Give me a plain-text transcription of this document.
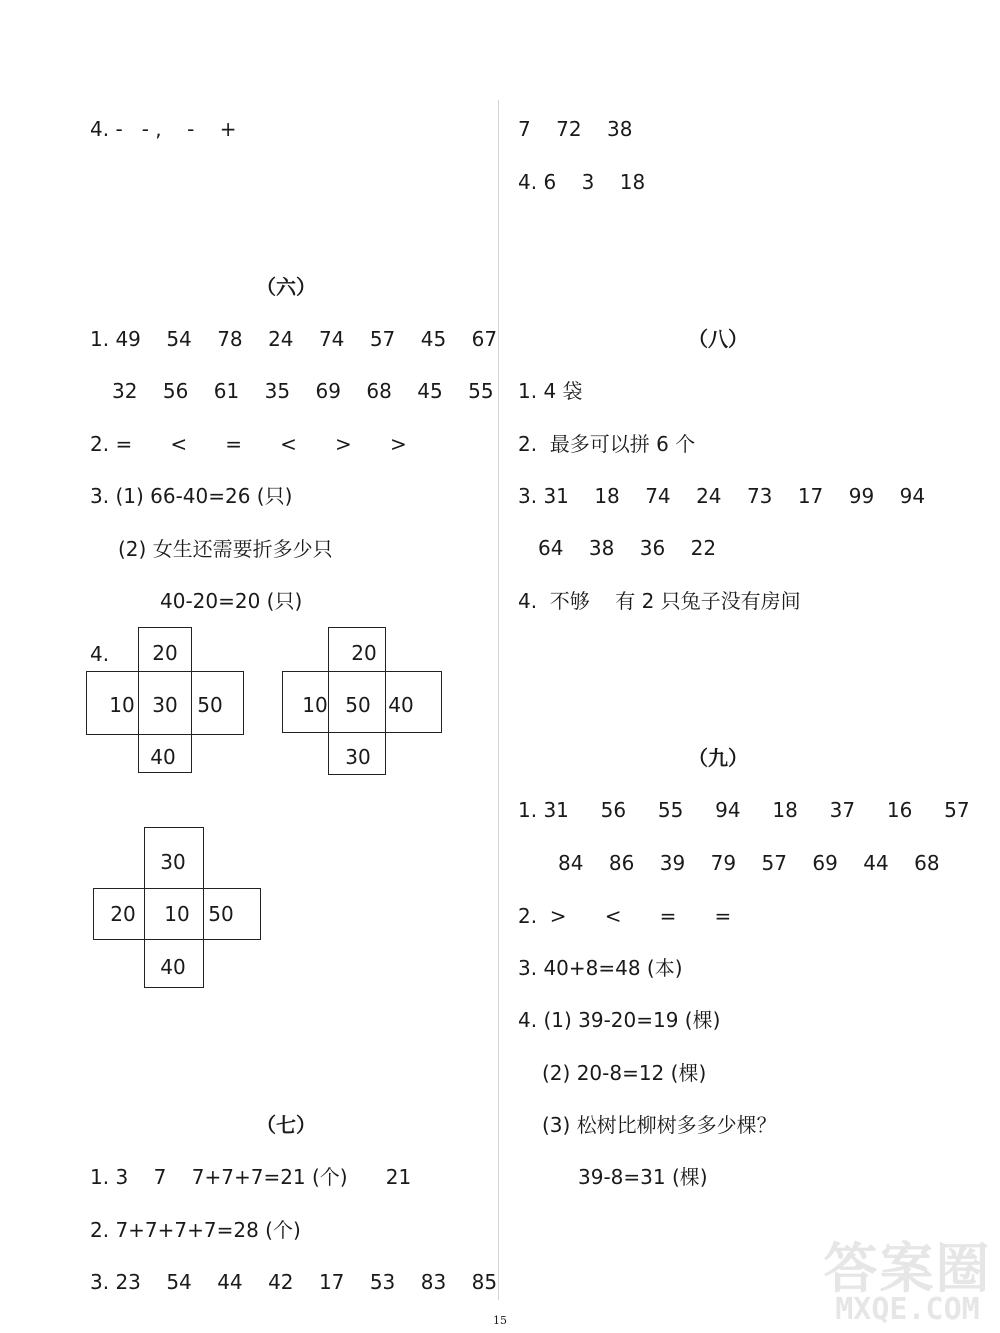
4. -   - ,    -    +
（六）
1. 49    54    78    24    74    57    45    67
32    56    61    35    69    68    45    55
2. =      <      =      <      >      >
3. (1) 66-40=26 (只)
(2) 女生还需要折多少只
40-20=20 (只)
4.	20
10 30 50
40
20
10 50 40
30
30
20	10 50
40
（七）
1. 3    7    7+7+7=21 (个)      21
2. 7+7+7+7=28 (个)
3. 23    54    44    42    17    53    83    85
7    72    38
4. 6    3    18
（八）
1. 4 袋
2.  最多可以拼 6 个
3. 31    18    74    24    73    17    99    94
64    38    36    22
4.  不够    有 2 只兔子没有房间
（九）
1. 31     56     55     94     18     37     16     57
84    86    39    79    57    69    44    68
2.  >      <      =      =
3. 40+8=48 (本)
4. (1) 39-20=19 (棵)
(2) 20-8=12 (棵)
(3) 松树比柳树多多少棵？
39-8=31 (棵)
15
答案圈
MXQE.COM
